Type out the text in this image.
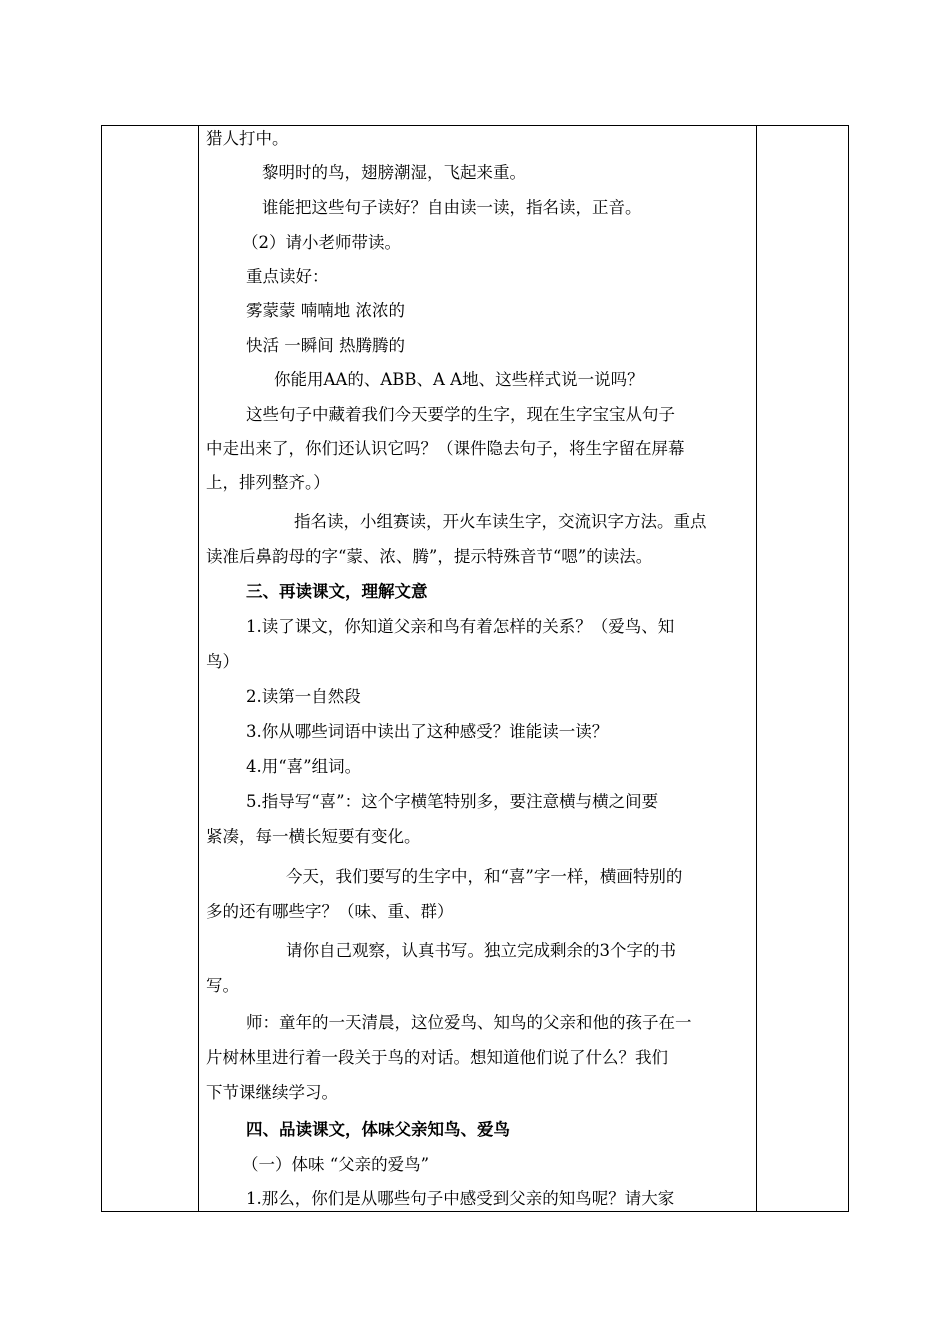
猎人打中。
黎明时的鸟，翅膀潮湿，飞起来重。
谁能把这些句子读好？自由读一读，指名读，正音。
（2）请小老师带读。
重点读好：
雾蒙蒙 喃喃地 浓浓的
快活 一瞬间 热腾腾的
你能用AA的、ABB、A A地、这些样式说一说吗？
这些句子中藏着我们今天要学的生字，现在生字宝宝从句子
中走出来了，你们还认识它吗？（课件隐去句子，将生字留在屏幕
上，排列整齐。）
指名读，小组赛读，开火车读生字，交流识字方法。重点
读准后鼻韵母的字“蒙、浓、腾”，提示特殊音节“嗯”的读法。
三、再读课文，理解文意
1.读了课文，你知道父亲和鸟有着怎样的关系？（爱鸟、知
鸟）
2.读第一自然段
3.你从哪些词语中读出了这种感受？谁能读一读？
4.用“喜”组词。
5.指导写“喜”：这个字横笔特别多，要注意横与横之间要
紧凑，每一横长短要有变化。
今天，我们要写的生字中，和“喜”字一样，横画特别的
多的还有哪些字？（味、重、群）
请你自己观察，认真书写。独立完成剩余的3个字的书
写。
师：童年的一天清晨，这位爱鸟、知鸟的父亲和他的孩子在一
片树林里进行着一段关于鸟的对话。想知道他们说了什么？我们
下节课继续学习。
四、品读课文，体味父亲知鸟、爱鸟
（一）体味 “父亲的爱鸟”
1.那么，你们是从哪些句子中感受到父亲的知鸟呢？请大家
